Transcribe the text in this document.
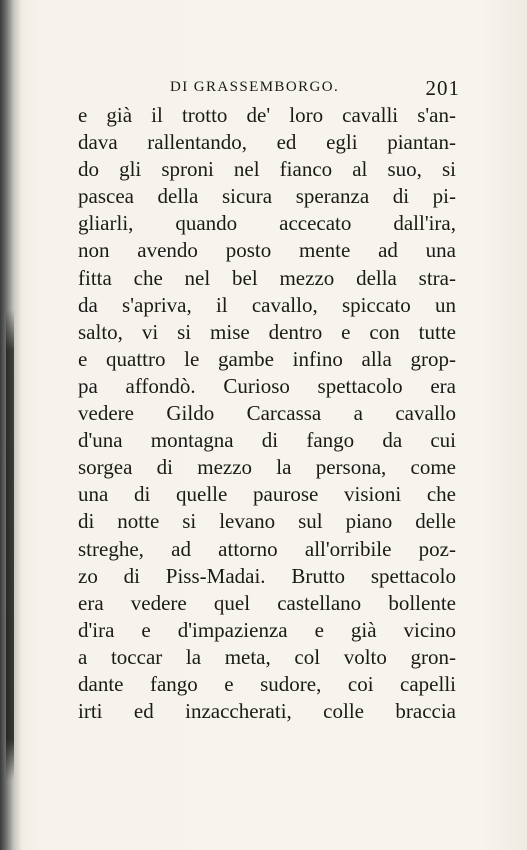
DI GRASSEMBORGO.	201
e già il trotto de' loro cavalli s'an-
dava rallentando, ed egli piantan-
do gli sproni nel fianco al suo, si
pascea della sicura speranza di pi-
gliarli, quando accecato dall'ira,
non avendo posto mente ad una
fitta che nel bel mezzo della stra-
da s'apriva, il cavallo, spiccato un
salto, vi si mise dentro e con tutte
e quattro le gambe infino alla grop-
pa affondò. Curioso spettacolo era
vedere Gildo Carcassa a cavallo
d'una montagna di fango da cui
sorgea di mezzo la persona, come
una di quelle paurose visioni che
di notte si levano sul piano delle
streghe, ad attorno all'orribile poz-
zo di Piss-Madai. Brutto spettacolo
era vedere quel castellano bollente
d'ira e d'impazienza e già vicino
a toccar la meta, col volto gron-
dante fango e sudore, coi capelli
irti ed inzaccherati, colle braccia
